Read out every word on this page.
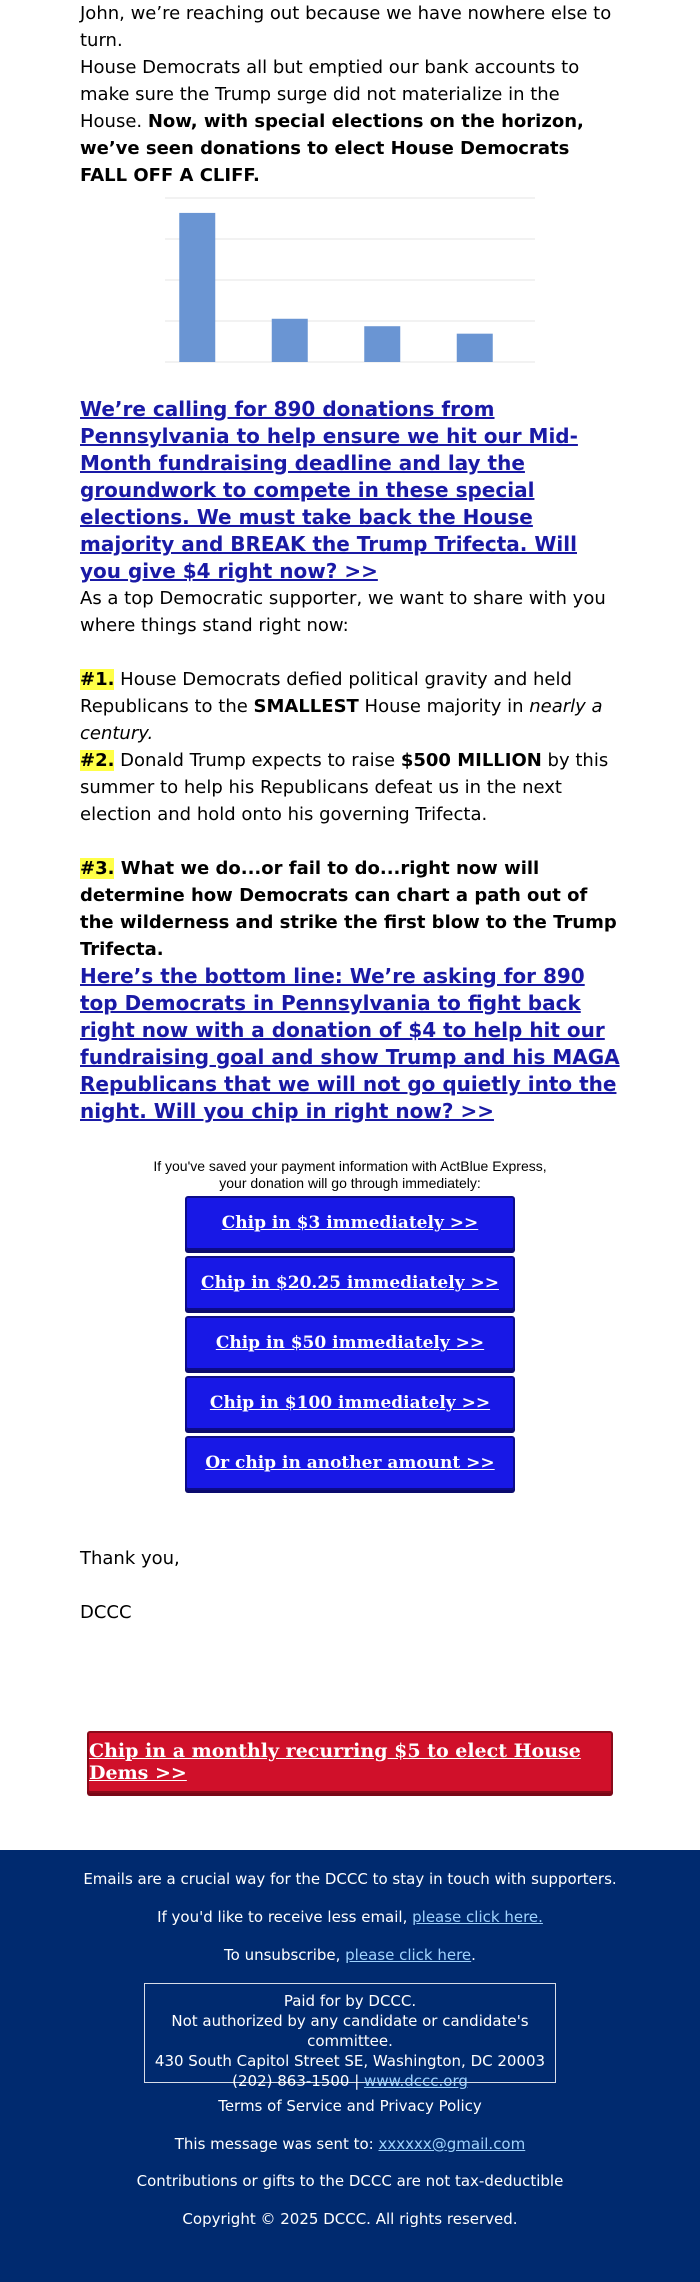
John, we’re reaching out because we have nowhere else to turn.

House Democrats all but emptied our bank accounts to make sure the Trump surge did not materialize in the House. Now, with special elections on the horizon, we’ve seen donations to elect House Democrats FALL OFF A CLIFF.

We’re calling for 890 donations from Pennsylvania to help ensure we hit our Mid-Month fundraising deadline and lay the groundwork to compete in these special elections. We must take back the House majority and BREAK the Trump Trifecta. Will you give $4 right now? >>

As a top Democratic supporter, we want to share with you where things stand right now:

#1. House Democrats defied political gravity and held Republicans to the SMALLEST House majority in nearly a century.

#2. Donald Trump expects to raise $500 MILLION by this summer to help his Republicans defeat us in the next election and hold onto his governing Trifecta.

#3. What we do...or fail to do...right now will determine how Democrats can chart a path out of the wilderness and strike the first blow to the Trump Trifecta.

Here’s the bottom line: We’re asking for 890 top Democrats in Pennsylvania to fight back right now with a donation of $4 to help hit our fundraising goal and show Trump and his MAGA Republicans that we will not go quietly into the night. Will you chip in right now? >>
If you've saved your payment information with ActBlue Express,
your donation will go through immediately:
Chip in $3 immediately >>
Chip in $20.25 immediately >>
Chip in $50 immediately >>
Chip in $100 immediately >>
Or chip in another amount >>

Thank you,

DCCC

Chip in a monthly recurring $5 to elect House Dems >>
Emails are a crucial way for the DCCC to stay in touch with supporters.
If you'd like to receive less email, please click here.
To unsubscribe, please click here.
Paid for by DCCC.
Not authorized by any candidate or candidate's committee.
430 South Capitol Street SE, Washington, DC 20003
(202) 863-1500 | www.dccc.org
Terms of Service and Privacy Policy
This message was sent to: xxxxxx@gmail.com
Contributions or gifts to the DCCC are not tax-deductible
Copyright © 2025 DCCC. All rights reserved.
